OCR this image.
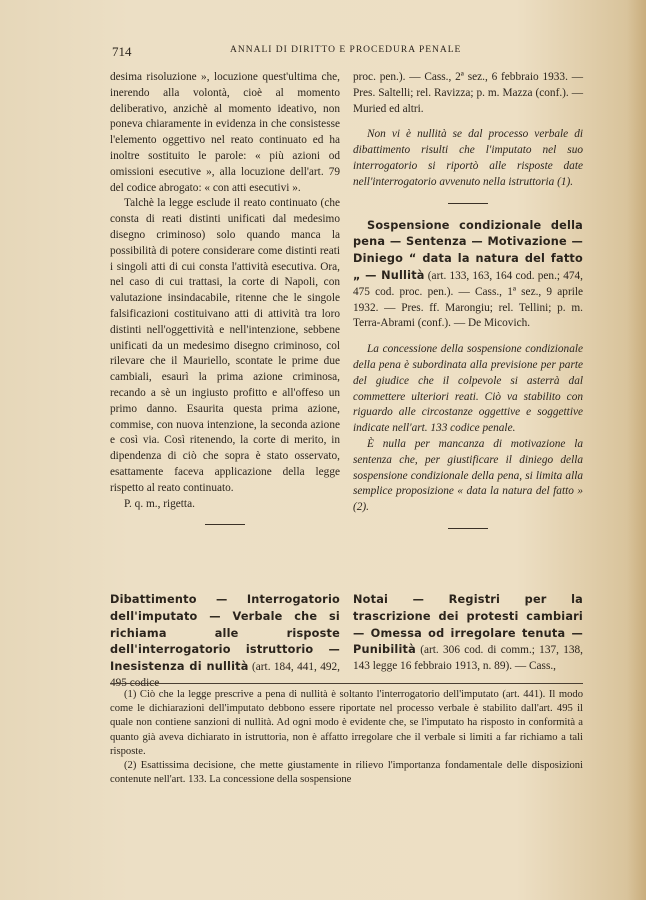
714	ANNALI DI DIRITTO E PROCEDURA PENALE

desima risoluzione », locuzione quest'ultima che, inerendo alla volontà, cioè al momento deliberativo, anzichè al momento ideativo, non poneva chiaramente in evidenza in che consistesse l'elemento oggettivo nel reato continuato ed ha inoltre sostituito le parole: « più azioni od omissioni esecutive », alla locuzione dell'art. 79 del codice abrogato: « con atti esecutivi ».

Talchè la legge esclude il reato continuato (che consta di reati distinti unificati dal medesimo disegno criminoso) solo quando manca la possibilità di potere considerare come distinti reati i singoli atti di cui consta l'attività esecutiva. Ora, nel caso di cui trattasi, la corte di Napoli, con valutazione insindacabile, ritenne che le singole falsificazioni costituivano atti di attività tra loro distinti nell'oggettività e nell'intenzione, sebbene unificati da un medesimo disegno criminoso, col rilevare che il Mauriello, scontate le prime due cambiali, esaurì la prima azione criminosa, recando a sè un ingiusto profitto e all'offeso un primo danno. Esaurita questa prima azione, commise, con nuova intenzione, la seconda azione e così via. Così ritenendo, la corte di merito, in dipendenza di ciò che sopra è stato osservato, esattamente faceva applicazione della legge rispetto al reato continuato.

P. q. m., rigetta.

proc. pen.). — Cass., 2ª sez., 6 febbraio 1933. — Pres. Saltelli; rel. Ravizza; p. m. Mazza (conf.). — Muried ed altri.

Non vi è nullità se dal processo verbale di dibattimento risulti che l'imputato nel suo interrogatorio si riportò alle risposte date nell'interrogatorio avvenuto nella istruttoria (1).

Sospensione condizionale della pena — Sentenza — Motivazione — Diniego “ data la natura del fatto „ — Nullità (art. 133, 163, 164 cod. pen.; 474, 475 cod. proc. pen.). — Cass., 1ª sez., 9 aprile 1932. — Pres. ff. Marongiu; rel. Tellini; p. m. Terra-Abrami (conf.). — De Micovich.

La concessione della sospensione condizionale della pena è subordinata alla previsione per parte del giudice che il colpevole si asterrà dal commettere ulteriori reati. Ciò va stabilito con riguardo alle circostanze oggettive e soggettive indicate nell'art. 133 codice penale.

È nulla per mancanza di motivazione la sentenza che, per giustificare il diniego della sospensione condizionale della pena, si limita alla semplice proposizione « data la natura del fatto » (2).

Dibattimento — Interrogatorio dell'imputato — Verbale che si richiama alle risposte dell'interrogatorio istruttorio — Inesistenza di nullità (art. 184, 441, 492, 495 codice
Notai — Registri per la trascrizione dei protesti cambiari — Omessa od irregolare tenuta — Punibilità (art. 306 cod. di comm.; 137, 138, 143 legge 16 febbraio 1913, n. 89). — Cass.,

(1) Ciò che la legge prescrive a pena di nullità è soltanto l'interrogatorio dell'imputato (art. 441). Il modo come le dichiarazioni dell'imputato debbono essere riportate nel processo verbale è stabilito dall'art. 495 il quale non contiene sanzioni di nullità. Ad ogni modo è evidente che, se l'imputato ha risposto in conformità a quanto già aveva dichiarato in istruttoria, non è affatto irregolare che il verbale si limiti a far richiamo a tali risposte.

(2) Esattissima decisione, che mette giustamente in rilievo l'importanza fondamentale delle disposizioni contenute nell'art. 133. La concessione della sospensione
